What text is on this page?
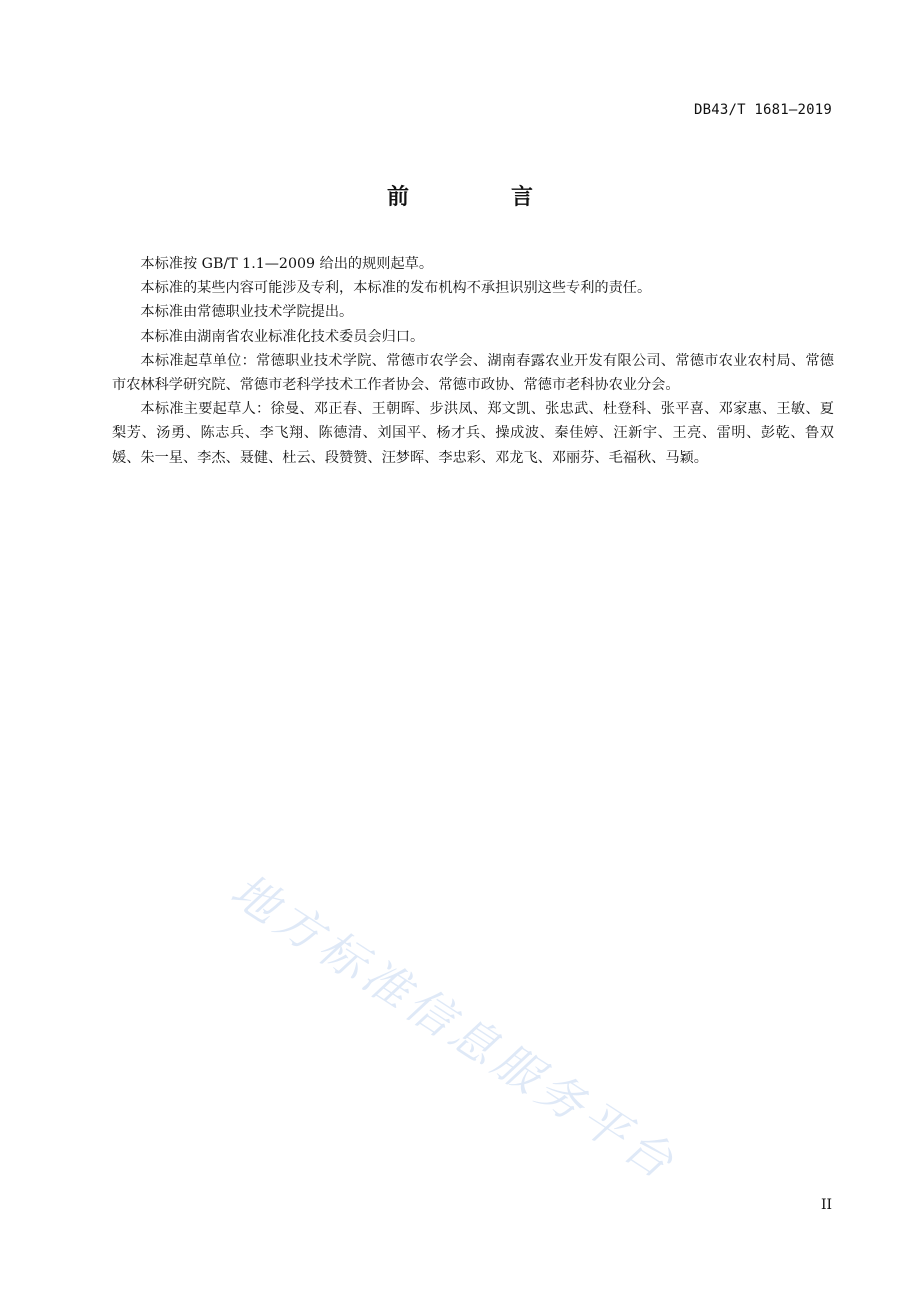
DB43/T 1681—2019
前　言

本标准按 GB/T 1.1—2009 给出的规则起草。

本标准的某些内容可能涉及专利，本标准的发布机构不承担识别这些专利的责任。

本标准由常德职业技术学院提出。

本标准由湖南省农业标准化技术委员会归口。

本标准起草单位：常德职业技术学院、常德市农学会、湖南春露农业开发有限公司、常德市农业农村局、常德市农林科学研究院、常德市老科学技术工作者协会、常德市政协、常德市老科协农业分会。

本标准主要起草人：徐曼、邓正春、王朝晖、步洪凤、郑文凯、张忠武、杜登科、张平喜、邓家惠、王敏、夏梨芳、汤勇、陈志兵、李飞翔、陈德清、刘国平、杨才兵、操成波、秦佳婷、汪新宇、王亮、雷明、彭乾、鲁双媛、朱一星、李杰、聂健、杜云、段赞赞、汪梦晖、李忠彩、邓龙飞、邓丽芬、毛福秋、马颖。

地方标准信息服务平台
II
